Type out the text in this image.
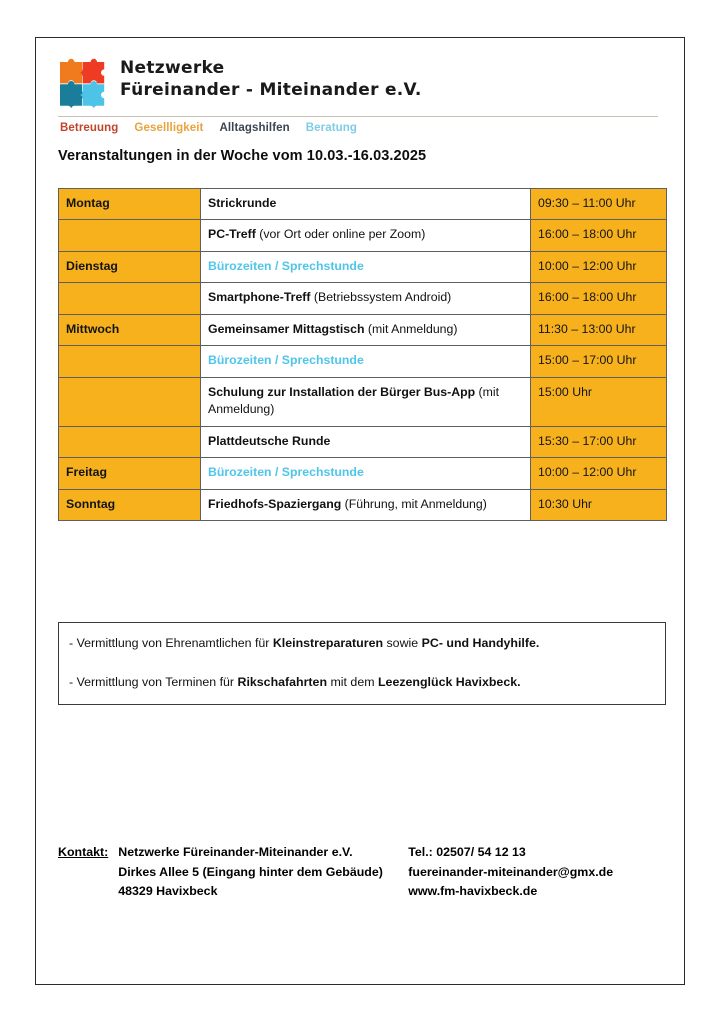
Netzwerke
Füreinander - Miteinander e.V.
Betreuung Gesellligkeit Alltagshilfen Beratung
Veranstaltungen in der Woche vom 10.03.-16.03.2025
Montag	Strickrunde	09:30 – 11:00 Uhr
	PC-Treff (vor Ort oder online per Zoom)	16:00 – 18:00 Uhr
Dienstag	Bürozeiten / Sprechstunde	10:00 – 12:00 Uhr
	Smartphone-Treff (Betriebssystem Android)	16:00 – 18:00 Uhr
Mittwoch	Gemeinsamer Mittagstisch (mit Anmeldung)	11:30 – 13:00 Uhr
	Bürozeiten / Sprechstunde	15:00 – 17:00 Uhr
	Schulung zur Installation der Bürger Bus-App (mit Anmeldung)	15:00 Uhr
	Plattdeutsche Runde	15:30 – 17:00 Uhr
Freitag	Bürozeiten / Sprechstunde	10:00 – 12:00 Uhr
Sonntag	Friedhofs-Spaziergang (Führung, mit Anmeldung)	10:30 Uhr
- Vermittlung von Ehrenamtlichen für Kleinstreparaturen sowie PC- und Handyhilfe.
- Vermittlung von Terminen für Rikschafahrten mit dem Leezenglück Havixbeck.
Kontakt: Netzwerke Füreinander-Miteinander e.V.
Dirkes Allee 5 (Eingang hinter dem Gebäude)
48329 Havixbeck
Tel.: 02507/ 54 12 13
fuereinander-miteinander@gmx.de
www.fm-havixbeck.de
